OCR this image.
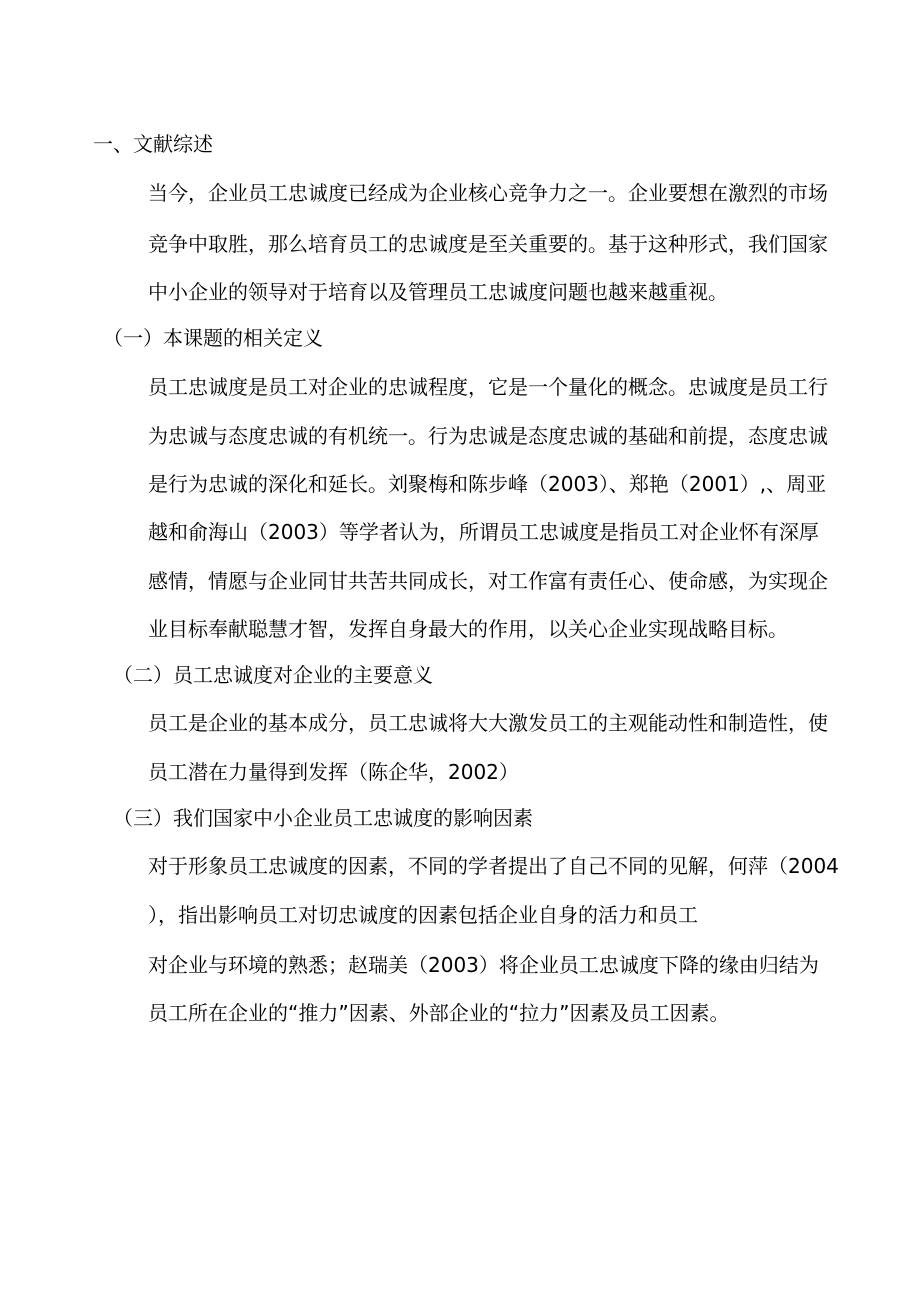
一、文献综述
当今，企业员工忠诚度已经成为企业核心竞争力之一。企业要想在激烈的市场
竞争中取胜，那么培育员工的忠诚度是至关重要的。基于这种形式，我们国家
中小企业的领导对于培育以及管理员工忠诚度问题也越来越重视。
（一）本课题的相关定义
员工忠诚度是员工对企业的忠诚程度，它是一个量化的概念。忠诚度是员工行
为忠诚与态度忠诚的有机统一。行为忠诚是态度忠诚的基础和前提，态度忠诚
是行为忠诚的深化和延长。刘聚梅和陈步峰（2003）、郑艳（2001）,、周亚
越和俞海山（2003）等学者认为，所谓员工忠诚度是指员工对企业怀有深厚
感情，情愿与企业同甘共苦共同成长，对工作富有责任心、使命感，为实现企
业目标奉献聪慧才智，发挥自身最大的作用，以关心企业实现战略目标。
（二）员工忠诚度对企业的主要意义
员工是企业的基本成分，员工忠诚将大大激发员工的主观能动性和制造性，使
员工潜在力量得到发挥（陈企华，2002）
（三）我们国家中小企业员工忠诚度的影响因素
对于形象员工忠诚度的因素，不同的学者提出了自己不同的见解，何萍（2004
），指出影响员工对切忠诚度的因素包括企业自身的活力和员工
对企业与环境的熟悉；赵瑞美（2003）将企业员工忠诚度下降的缘由归结为
员工所在企业的“推力”因素、外部企业的“拉力”因素及员工因素。
